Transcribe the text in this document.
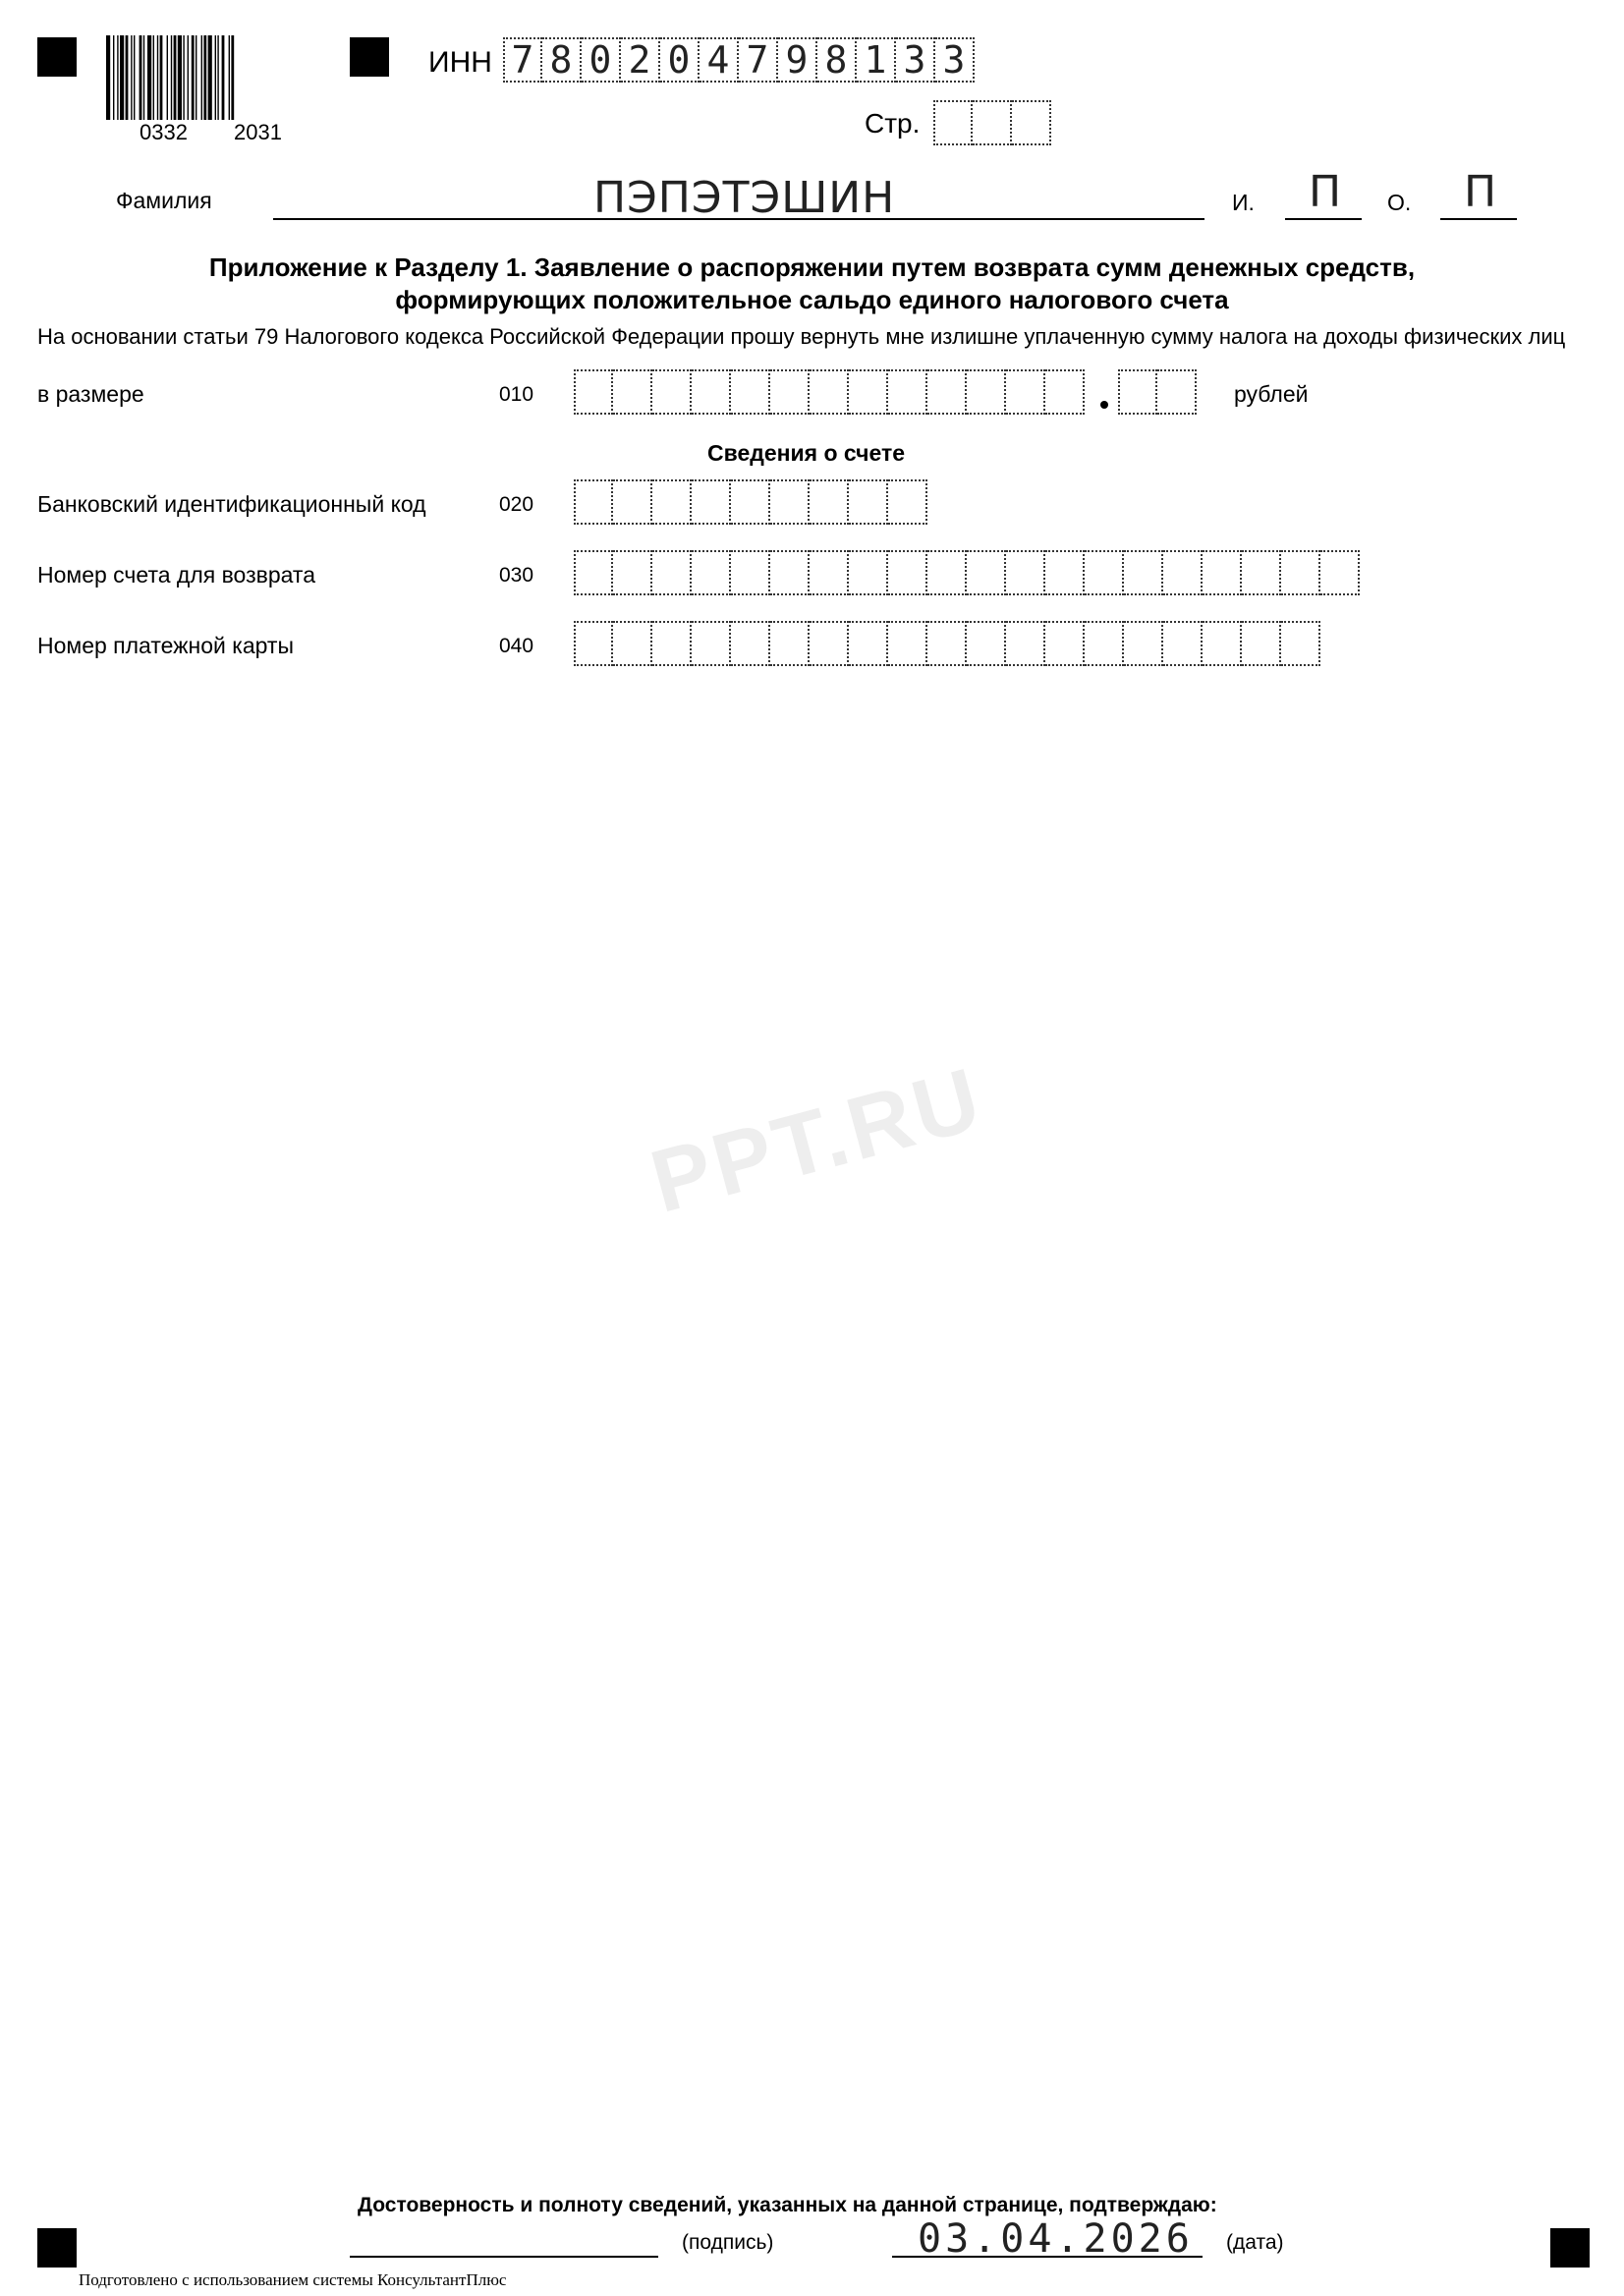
0332 2031
ИНН 7 8 0 2 0 4 7 9 8 1 3 3
Стр.
Фамилия	ПЭПЭТЭШИН	И. П О. П
Приложение к Разделу 1. Заявление о распоряжении путем возврата сумм денежных средств,
формирующих положительное сальдо единого налогового счета
На основании статьи 79 Налогового кодекса Российской Федерации прошу вернуть мне излишне уплаченную сумму налога на доходы физических лиц
в размере	010	рублей
Сведения о счете
Банковский идентификационный код	020
Номер счета для возврата	030
Номер платежной карты	040
PPT.RU
Достоверность и полноту сведений, указанных на данной странице, подтверждаю:
(подпись)	03.04.2026 (дата)
Подготовлено с использованием системы КонсультантПлюс
